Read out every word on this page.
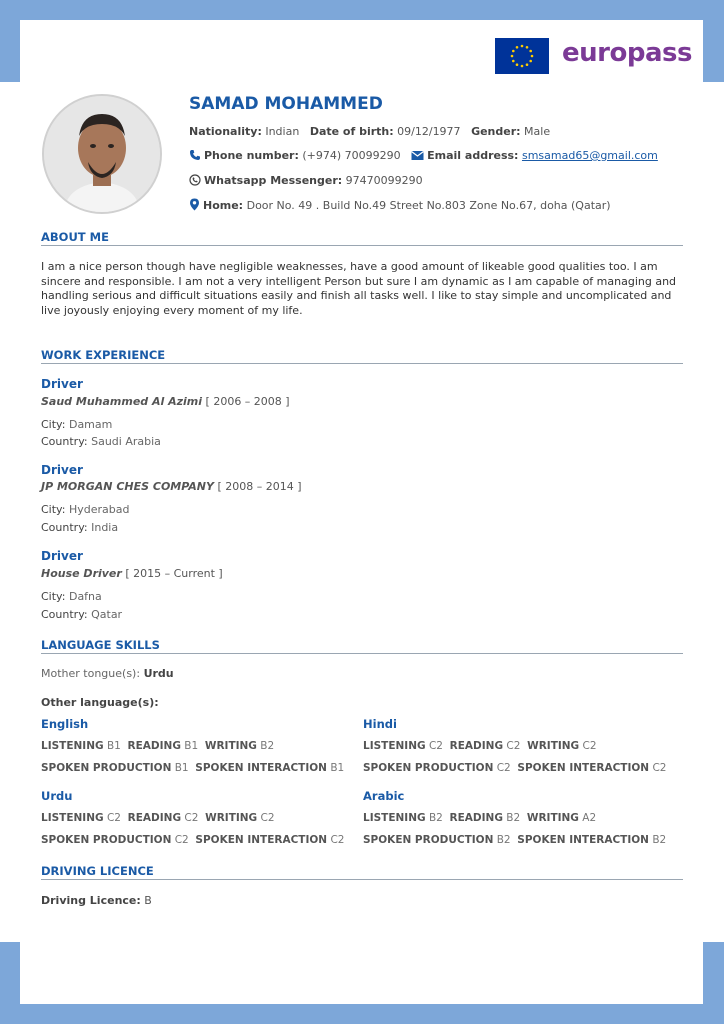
europass
SAMAD MOHAMMED
Nationality: Indian Date of birth: 09/12/1977 Gender: Male
Phone number: (+974) 70099290 Email address: smsamad65@gmail.com
Whatsapp Messenger: 97470099290
Home: Door No. 49 . Build No.49 Street No.803 Zone No.67, doha (Qatar)
ABOUT ME
I am a nice person though have negligible weaknesses, have a good amount of likeable good qualities too. I am sincere and responsible. I am not a very intelligent Person but sure I am dynamic as I am capable of managing and handling serious and difficult situations easily and finish all tasks well. I like to stay simple and uncomplicated and live joyously enjoying every moment of my life.
WORK EXPERIENCE
Driver
Saud Muhammed Al Azimi [ 2006 – 2008 ]
City: Damam
Country: Saudi Arabia
Driver
JP MORGAN CHES COMPANY [ 2008 – 2014 ]
City: Hyderabad
Country: India
Driver
House Driver [ 2015 – Current ]
City: Dafna
Country: Qatar
LANGUAGE SKILLS
Mother tongue(s): Urdu
Other language(s):
English
LISTENING B1 READING B1 WRITING B2
SPOKEN PRODUCTION B1 SPOKEN INTERACTION B1
Hindi
LISTENING C2 READING C2 WRITING C2
SPOKEN PRODUCTION C2 SPOKEN INTERACTION C2
Urdu
LISTENING C2 READING C2 WRITING C2
SPOKEN PRODUCTION C2 SPOKEN INTERACTION C2
Arabic
LISTENING B2 READING B2 WRITING A2
SPOKEN PRODUCTION B2 SPOKEN INTERACTION B2
DRIVING LICENCE
Driving Licence: B
